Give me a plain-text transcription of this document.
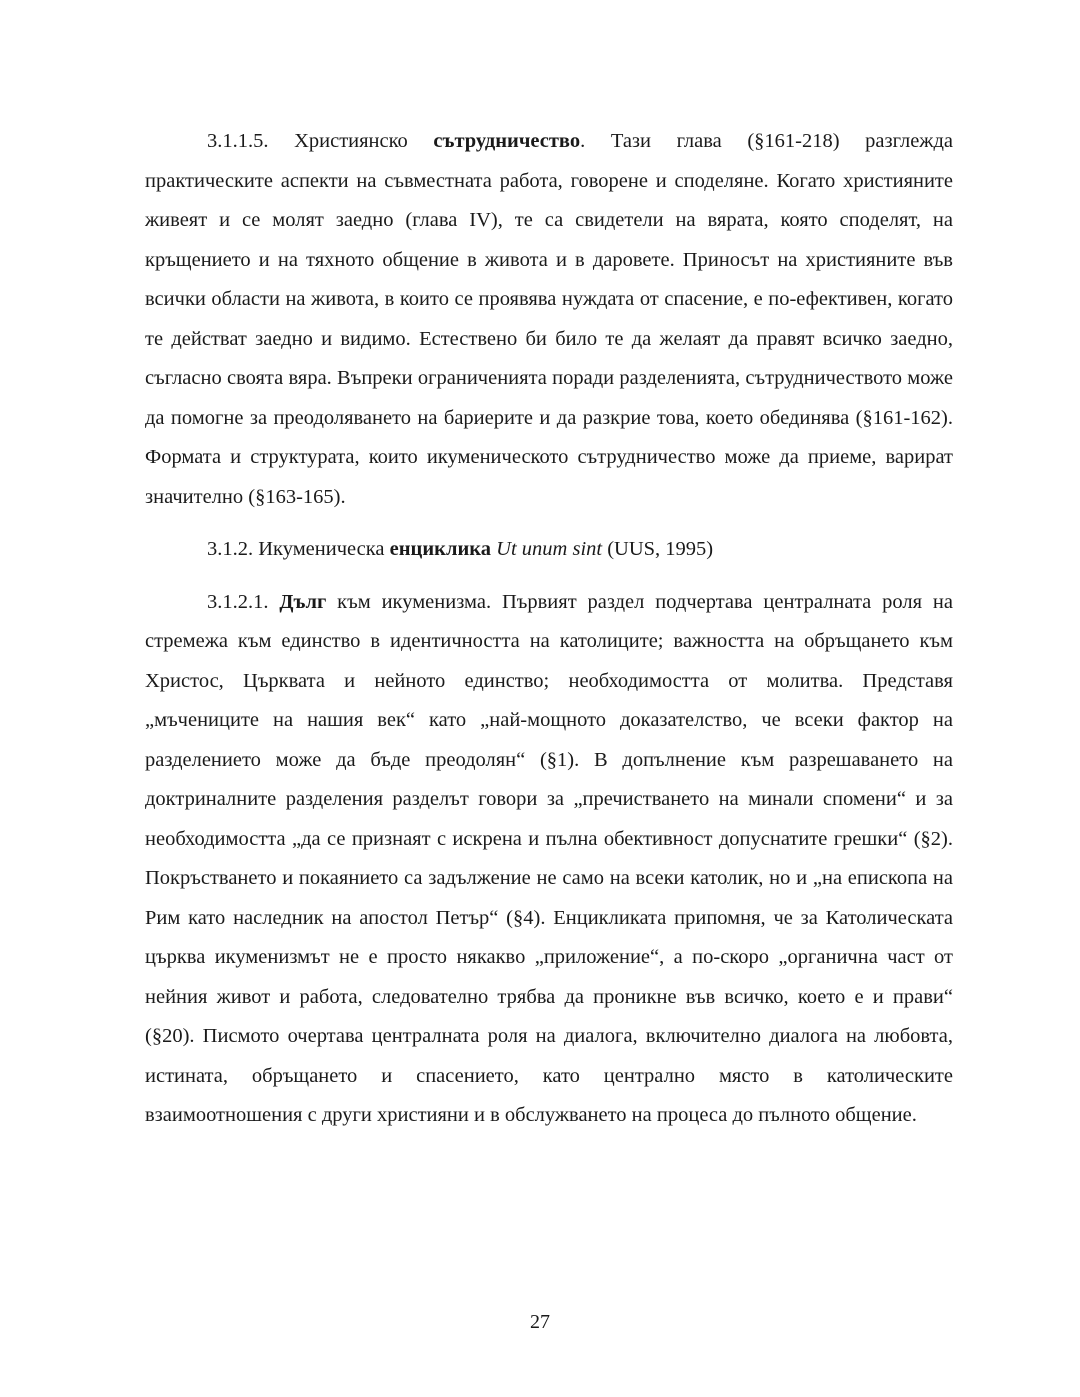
3.1.1.5. Християнско сътрудничество. Тази глава (§161-218) разглежда практическите аспекти на съвместната работа, говорене и споделяне. Когато християните живеят и се молят заедно (глава IV), те са свидетели на вярата, която споделят, на кръщението и на тяхното общение в живота и в даровете. Приносът на християните във всички области на живота, в които се проявява нуждата от спасение, е по-ефективен, когато те действат заедно и видимо. Естествено би било те да желаят да правят всичко заедно, съгласно своята вяра. Въпреки ограниченията поради разделенията, сътрудничеството може да помогне за преодоляването на бариерите и да разкрие това, което обединява (§161-162). Формата и структурата, които икуменическото сътрудничество може да приеме, варират значително (§163-165).

3.1.2. Икуменическа енциклика Ut unum sint (UUS, 1995)

3.1.2.1. Дълг към икуменизма. Първият раздел подчертава централната роля на стремежа към единство в идентичността на католиците; важността на обръщането към Христос, Църквата и нейното единство; необходимостта от молитва. Представя „мъчениците на нашия век“ като „най-мощното доказателство, че всеки фактор на разделението може да бъде преодолян“ (§1). В допълнение към разрешаването на доктриналните разделения разделът говори за „пречистването на минали спомени“ и за необходимостта „да се признаят с искрена и пълна обективност допуснатите грешки“ (§2). Покръстването и покаянието са задължение не само на всеки католик, но и „на епископа на Рим като наследник на апостол Петър“ (§4). Енцикликата припомня, че за Католическата църква икуменизмът не е просто някакво „приложение“, а по-скоро „органична част от нейния живот и работа, следователно трябва да проникне във всичко, което е и прави“ (§20). Писмото очертава централната роля на диалога, включително диалога на любовта, истината, обръщането и спасението, като централно място в католическите взаимоотношения с други християни и в обслужването на процеса до пълното общение.

27
